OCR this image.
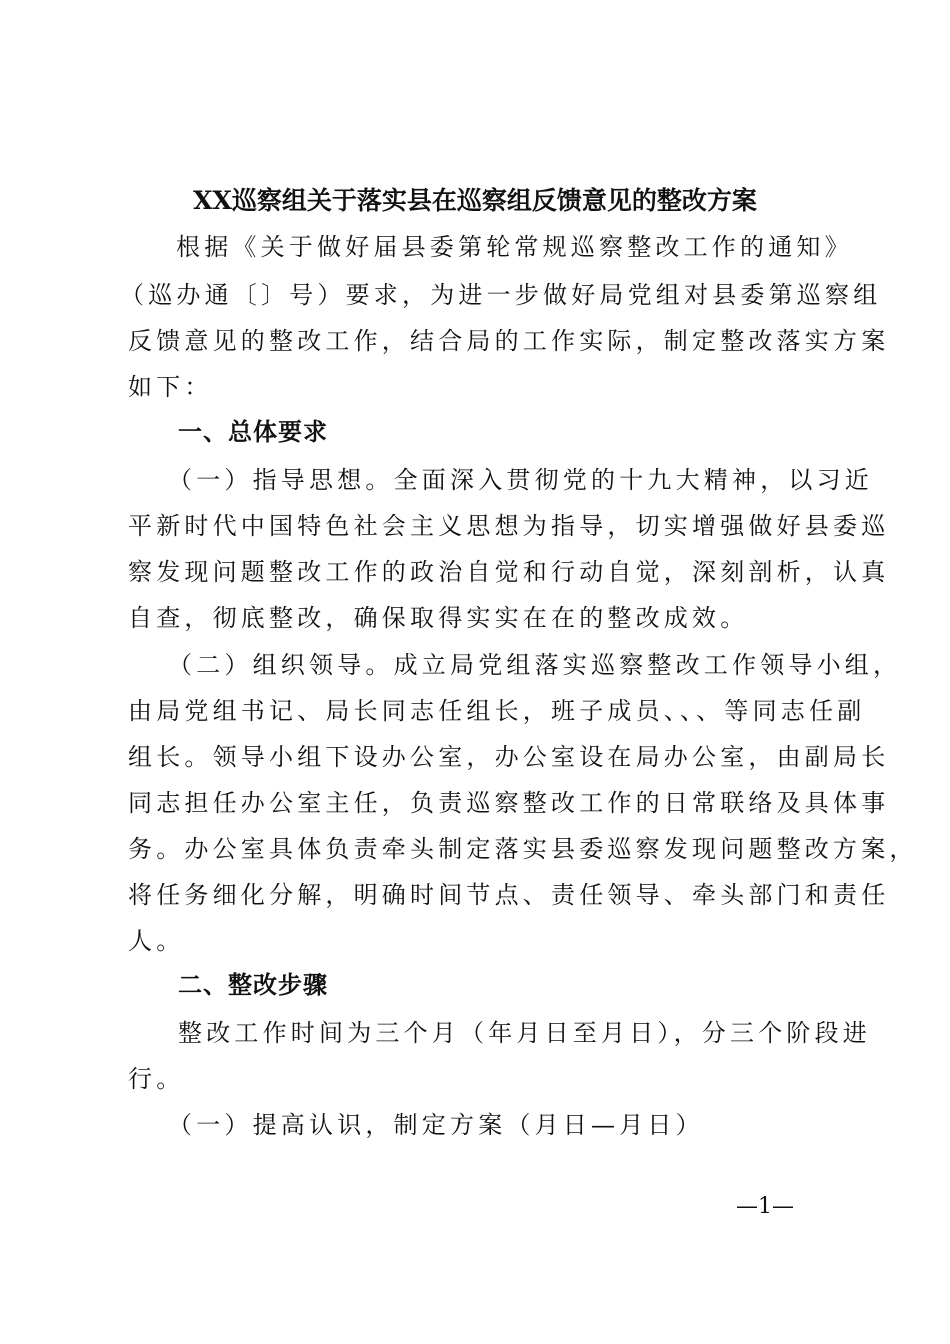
XX巡察组关于落实县在巡察组反馈意见的整改方案
根据《关于做好届县委第轮常规巡察整改工作的通知》
（巡办通〔〕号）要求，为进一步做好局党组对县委第巡察组
反馈意见的整改工作，结合局的工作实际，制定整改落实方案
如下：
一、总体要求
（一）指导思想。全面深入贯彻党的十九大精神，以习近
平新时代中国特色社会主义思想为指导，切实增强做好县委巡
察发现问题整改工作的政治自觉和行动自觉，深刻剖析，认真
自查，彻底整改，确保取得实实在在的整改成效。
（二）组织领导。成立局党组落实巡察整改工作领导小组，
由局党组书记、局长同志任组长，班子成员、、、等同志任副
组长。领导小组下设办公室，办公室设在局办公室，由副局长
同志担任办公室主任，负责巡察整改工作的日常联络及具体事
务。办公室具体负责牵头制定落实县委巡察发现问题整改方案，
将任务细化分解，明确时间节点、责任领导、牵头部门和责任
人。
二、整改步骤
整改工作时间为三个月（年月日至月日），分三个阶段进
行。
（一）提高认识，制定方案（月日—月日）
—1—
